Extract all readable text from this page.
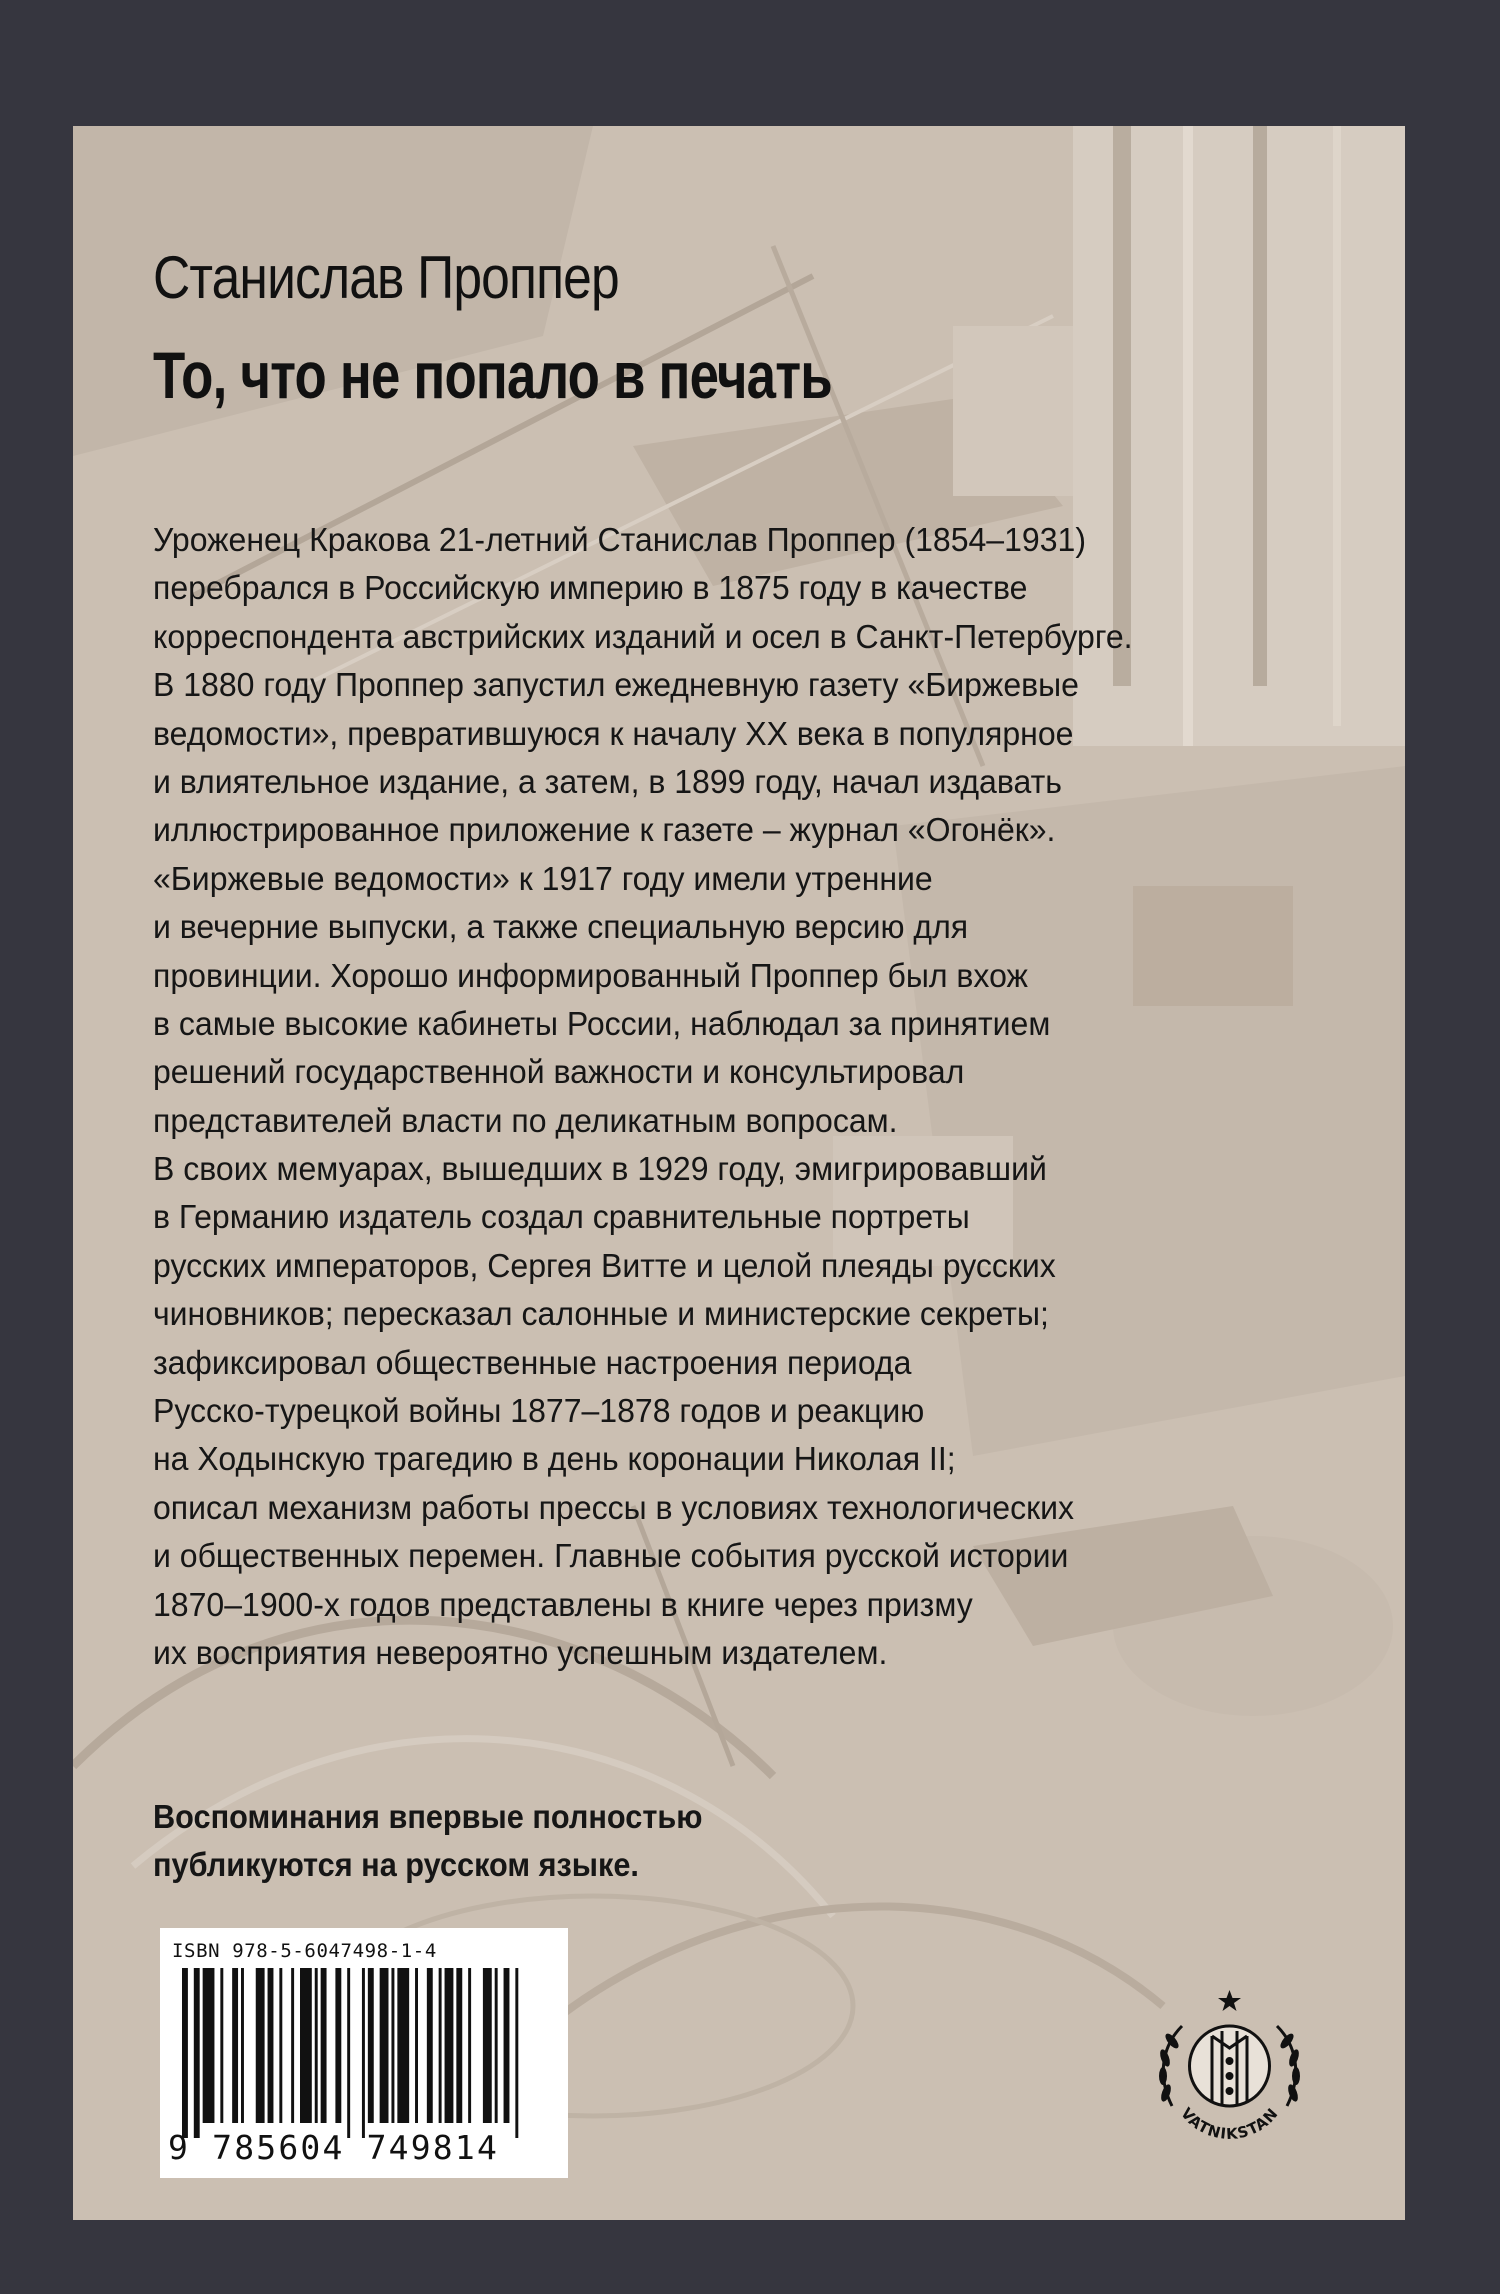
Станислав Проппер
То, что не попало в печать
Уроженец Кракова 21-летний Станислав Проппер (1854–1931)
перебрался в Российскую империю в 1875 году в качестве
корреспондента австрийских изданий и осел в Санкт-Петербурге.
В 1880 году Проппер запустил ежедневную газету «Биржевые
ведомости», превратившуюся к началу XX века в популярное
и влиятельное издание, а затем, в 1899 году, начал издавать
иллюстрированное приложение к газете – журнал «Огонёк».
«Биржевые ведомости» к 1917 году имели утренние
и вечерние выпуски, а также специальную версию для
провинции. Хорошо информированный Проппер был вхож
в самые высокие кабинеты России, наблюдал за принятием
решений государственной важности и консультировал
представителей власти по деликатным вопросам.
В своих мемуарах, вышедших в 1929 году, эмигрировавший
в Германию издатель создал сравнительные портреты
русских императоров, Сергея Витте и целой плеяды русских
чиновников; пересказал салонные и министерские секреты;
зафиксировал общественные настроения периода
Русско-турецкой войны 1877–1878 годов и реакцию
на Ходынскую трагедию в день коронации Николая II;
описал механизм работы прессы в условиях технологических
и общественных перемен. Главные события русской истории
1870–1900-х годов представлены в книге через призму
их восприятия невероятно успешным издателем.
Воспоминания впервые полностью
публикуются на русском языке.
ISBN 978-5-6047498-1-4
9 785604 749814
VATNIKSTAN
